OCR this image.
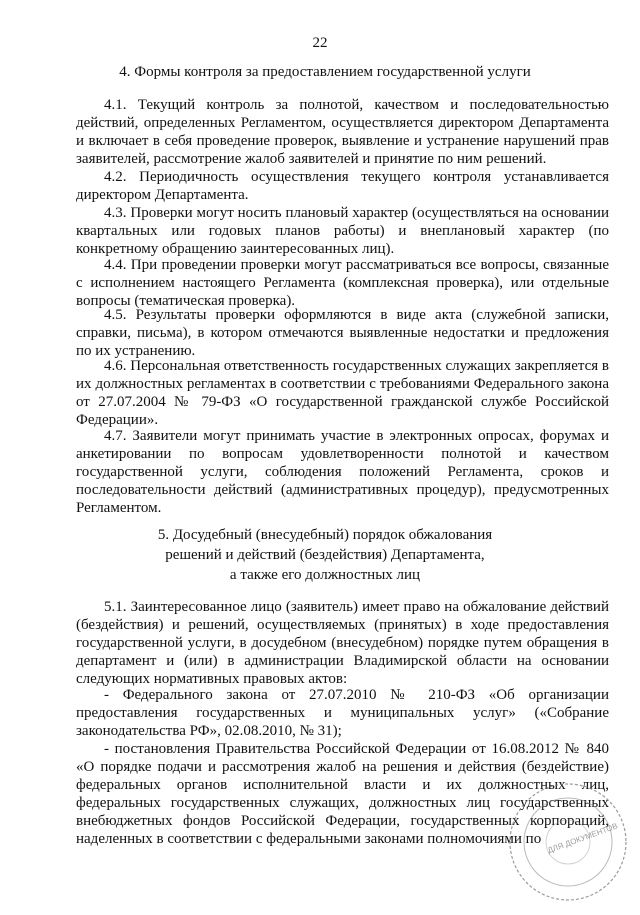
22
4. Формы контроля за предоставлением государственной услуги

4.1. Текущий контроль за полнотой, качеством и последовательностью действий, определенных Регламентом, осуществляется директором Департамента и включает в себя проведение проверок, выявление и устранение нарушений прав заявителей, рассмотрение жалоб заявителей и принятие по ним решений.

4.2. Периодичность осуществления текущего контроля устанавливается директором Департамента.

4.3. Проверки могут носить плановый характер (осуществляться на основании квартальных или годовых планов работы) и внеплановый характер (по конкретному обращению заинтересованных лиц).

4.4. При проведении проверки могут рассматриваться все вопросы, связанные с исполнением настоящего Регламента (комплексная проверка), или отдельные вопросы (тематическая проверка).

4.5. Результаты проверки оформляются в виде акта (служебной записки, справки, письма), в котором отмечаются выявленные недостатки и предложения по их устранению.

4.6. Персональная ответственность государственных служащих закрепляется в их должностных регламентах в соответствии с требованиями Федерального закона от 27.07.2004 № 79-ФЗ «О государственной гражданской службе Российской Федерации».

4.7. Заявители могут принимать участие в электронных опросах, форумах и анкетировании по вопросам удовлетворенности полнотой и качеством государственной услуги, соблюдения положений Регламента, сроков и последовательности действий (административных процедур), предусмотренных Регламентом.

5. Досудебный (внесудебный) порядок обжалования
решений и действий (бездействия) Департамента,
а также его должностных лиц

5.1. Заинтересованное лицо (заявитель) имеет право на обжалование действий (бездействия) и решений, осуществляемых (принятых) в ходе предоставления государственной услуги, в досудебном (внесудебном) порядке путем обращения в департамент и (или) в администрации Владимирской области на основании следующих нормативных правовых актов:

- Федерального закона от 27.07.2010 № 210-ФЗ «Об организации предоставления государственных и муниципальных услуг» («Собрание законодательства РФ», 02.08.2010, № 31);

- постановления Правительства Российской Федерации от 16.08.2012 № 840 «О порядке подачи и рассмотрения жалоб на решения и действия (бездействие) федеральных органов исполнительной власти и их должностных лиц, федеральных государственных служащих, должностных лиц государственных внебюджетных фондов Российской Федерации, государственных корпораций, наделенных в соответствии с федеральными законами полномочиями по ДЛЯ ДОКУМЕНТОВ
